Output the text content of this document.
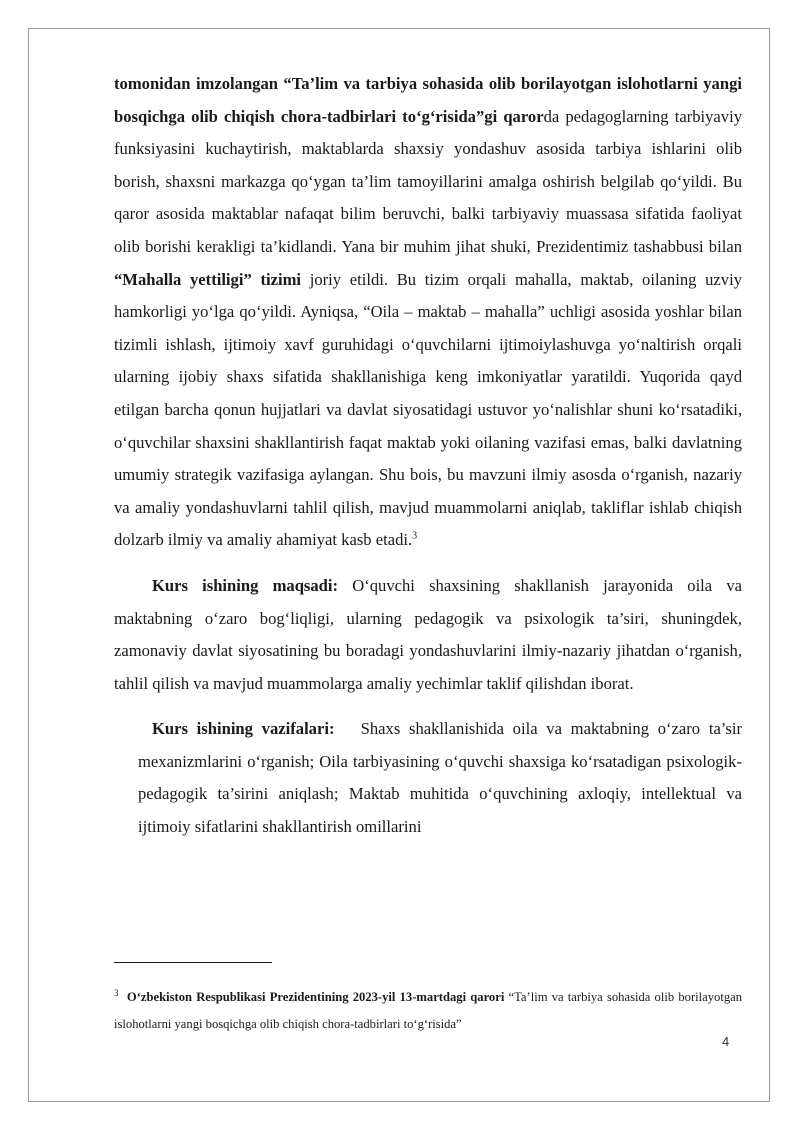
tomonidan imzolangan “Ta’lim va tarbiya sohasida olib borilayotgan islohotlarni yangi bosqichga olib chiqish chora-tadbirlari to‘g‘risida”gi qarorda pedagoglarning tarbiyaviy funksiyasini kuchaytirish, maktablarda shaxsiy yondashuv asosida tarbiya ishlarini olib borish, shaxsni markazga qo‘ygan ta’lim tamoyillarini amalga oshirish belgilab qo‘yildi. Bu qaror asosida maktablar nafaqat bilim beruvchi, balki tarbiyaviy muassasa sifatida faoliyat olib borishi kerakligi ta’kidlandi. Yana bir muhim jihat shuki, Prezidentimiz tashabbusi bilan “Mahalla yettiligi” tizimi joriy etildi. Bu tizim orqali mahalla, maktab, oilaning uzviy hamkorligi yo‘lga qo‘yildi. Ayniqsa, “Oila – maktab – mahalla” uchligi asosida yoshlar bilan tizimli ishlash, ijtimoiy xavf guruhidagi o‘quvchilarni ijtimoiylashuvga yo‘naltirish orqali ularning ijobiy shaxs sifatida shakllanishiga keng imkoniyatlar yaratildi. Yuqorida qayd etilgan barcha qonun hujjatlari va davlat siyosatidagi ustuvor yo‘nalishlar shuni ko‘rsatadiki, o‘quvchilar shaxsini shakllantirish faqat maktab yoki oilaning vazifasi emas, balki davlatning umumiy strategik vazifasiga aylangan. Shu bois, bu mavzuni ilmiy asosda o‘rganish, nazariy va amaliy yondashuvlarni tahlil qilish, mavjud muammolarni aniqlab, takliflar ishlab chiqish dolzarb ilmiy va amaliy ahamiyat kasb etadi.$^3$

Kurs ishining maqsadi: O‘quvchi shaxsining shakllanish jarayonida oila va maktabning o‘zaro bog‘liqligi, ularning pedagogik va psixologik ta’siri, shuningdek, zamonaviy davlat siyosatining bu boradagi yondashuvlarini ilmiy-nazariy jihatdan o‘rganish, tahlil qilish va mavjud muammolarga amaliy yechimlar taklif qilishdan iborat.

Kurs ishining vazifalari:   Shaxs shakllanishida oila va maktabning o‘zaro ta’sir mexanizmlarini o‘rganish; Oila tarbiyasining o‘quvchi shaxsiga ko‘rsatadigan psixologik-pedagogik ta’sirini aniqlash; Maktab muhitida o‘quvchining axloqiy, intellektual va ijtimoiy sifatlarini shakllantirish omillarini

$^3$ O‘zbekiston Respublikasi Prezidentining 2023-yil 13-martdagi qarori “Ta’lim va tarbiya sohasida olib borilayotgan islohotlarni yangi bosqichga olib chiqish chora-tadbirlari to‘g‘risida”

4
